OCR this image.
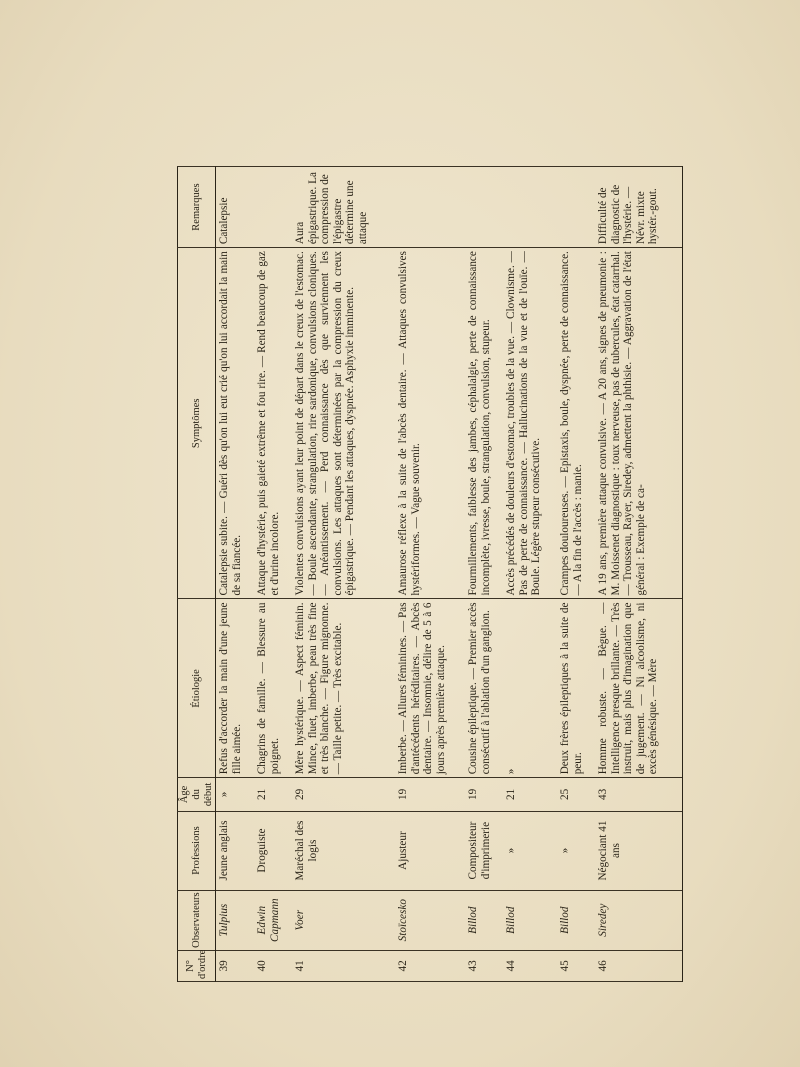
N° d'ordre	Observateurs	Professions	Âge du début	Étiologie	Symptômes	Remarques
39	Tulpius	Jeune anglais	»	Refus d'accorder la main d'une jeune fille aimée.	Catalepsie subite. — Guéri dès qu'on lui eut crié qu'on lui accordait la main de sa fiancée.	Catalepsie
40	Edwin Capmann	Droguiste	21	Chagrins de famille. — Blessure au poignet.	Attaque d'hystérie, puis gaieté extrême et fou rire. — Rend beaucoup de gaz et d'urine incolore.	
41	Voer	Maréchal des logis	29	Mère hystérique. — Aspect féminin. Mince, fluet, imberbe, peau très fine et très blanche. — Figure mignonne. — Taille petite. — Très excitable.	Violentes convulsions ayant leur point de départ dans le creux de l'estomac. — Boule ascendante, strangulation, rire sardonique, convulsions cloniques. — Anéantissement. — Perd connaissance dès que surviennent les convulsions. Les attaques sont déterminées par la compression du creux épigastrique. — Pendant les attaques, dyspnée. Asphyxie imminente.	Aura épigastrique. La compression de l'épigastre détermine une attaque
42	Stoïcesko	Ajusteur	19	Imberbe. — Allures féminines. — Pas d'antécédents héréditaires. — Abcès dentaire. — Insomnie, délire de 5 à 6 jours après première attaque.	Amaurose réflexe à la suite de l'abcès dentaire. — Attaques convulsives hystériformes. — Vague souvenir.	
43	Billod	Compositeur d'imprimerie	19	Cousine épileptique. — Premier accès consécutif à l'ablation d'un ganglion.	Fourmillements, faiblesse des jambes, céphalalgie, perte de connaissance incomplète, ivresse, boule, strangulation, convulsion, stupeur.	
44	Billod	»	21	»	Accès précédés de douleurs d'estomac, troubles de la vue. — Clownisme. — Pas de perte de connaissance. — Hallucinations de la vue et de l'ouïe. — Boule. Légère stupeur consécutive.	
45	Billod	»	25	Deux frères épileptiques à la suite de peur.	Crampes douloureuses. — Epistaxis, boule, dyspnée, perte de connaissance. — A la fin de l'accès : manie.	
46	Siredey	Négociant 41 ans	43	Homme robuste. — Bègue. — Intelligence presque brillante. — Très instruit, mais plus d'imagination que de jugement. — Ni alcoolisme, ni excès génésique. — Mère	A 19 ans, première attaque convulsive. — A 20 ans, signes de pneumonie : M. Moissenet diagnostique : toux nerveuse, pas de tubercules, état catarrhal. — Trousseau, Rayer, Siredey, admettent la phthisie. — Aggravation de l'état général : Exemple de ca-	Difficulté de diagnostic de l'hystérie. — Névr. mixte hystér.-gout.
